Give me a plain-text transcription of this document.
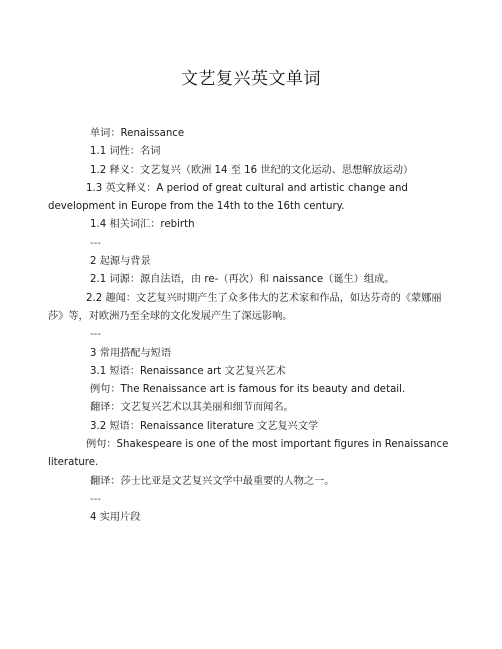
文艺复兴英文单词

单词：Renaissance

1.1 词性：名词

1.2 释义：文艺复兴（欧洲 14 至 16 世纪的文化运动、思想解放运动）

1.3 英文释义：A period of great cultural and artistic change and development in Europe from the 14th to the 16th century.

1.4 相关词汇：rebirth

---

2 起源与背景

2.1 词源：源自法语，由 re-（再次）和 naissance（诞生）组成。

2.2 趣闻：文艺复兴时期产生了众多伟大的艺术家和作品，如达芬奇的《蒙娜丽莎》等，对欧洲乃至全球的文化发展产生了深远影响。

---

3 常用搭配与短语

3.1 短语：Renaissance art 文艺复兴艺术

例句：The Renaissance art is famous for its beauty and detail.

翻译：文艺复兴艺术以其美丽和细节而闻名。

3.2 短语：Renaissance literature 文艺复兴文学

例句：Shakespeare is one of the most important figures in Renaissance literature.

翻译：莎士比亚是文艺复兴文学中最重要的人物之一。

---

4 实用片段
